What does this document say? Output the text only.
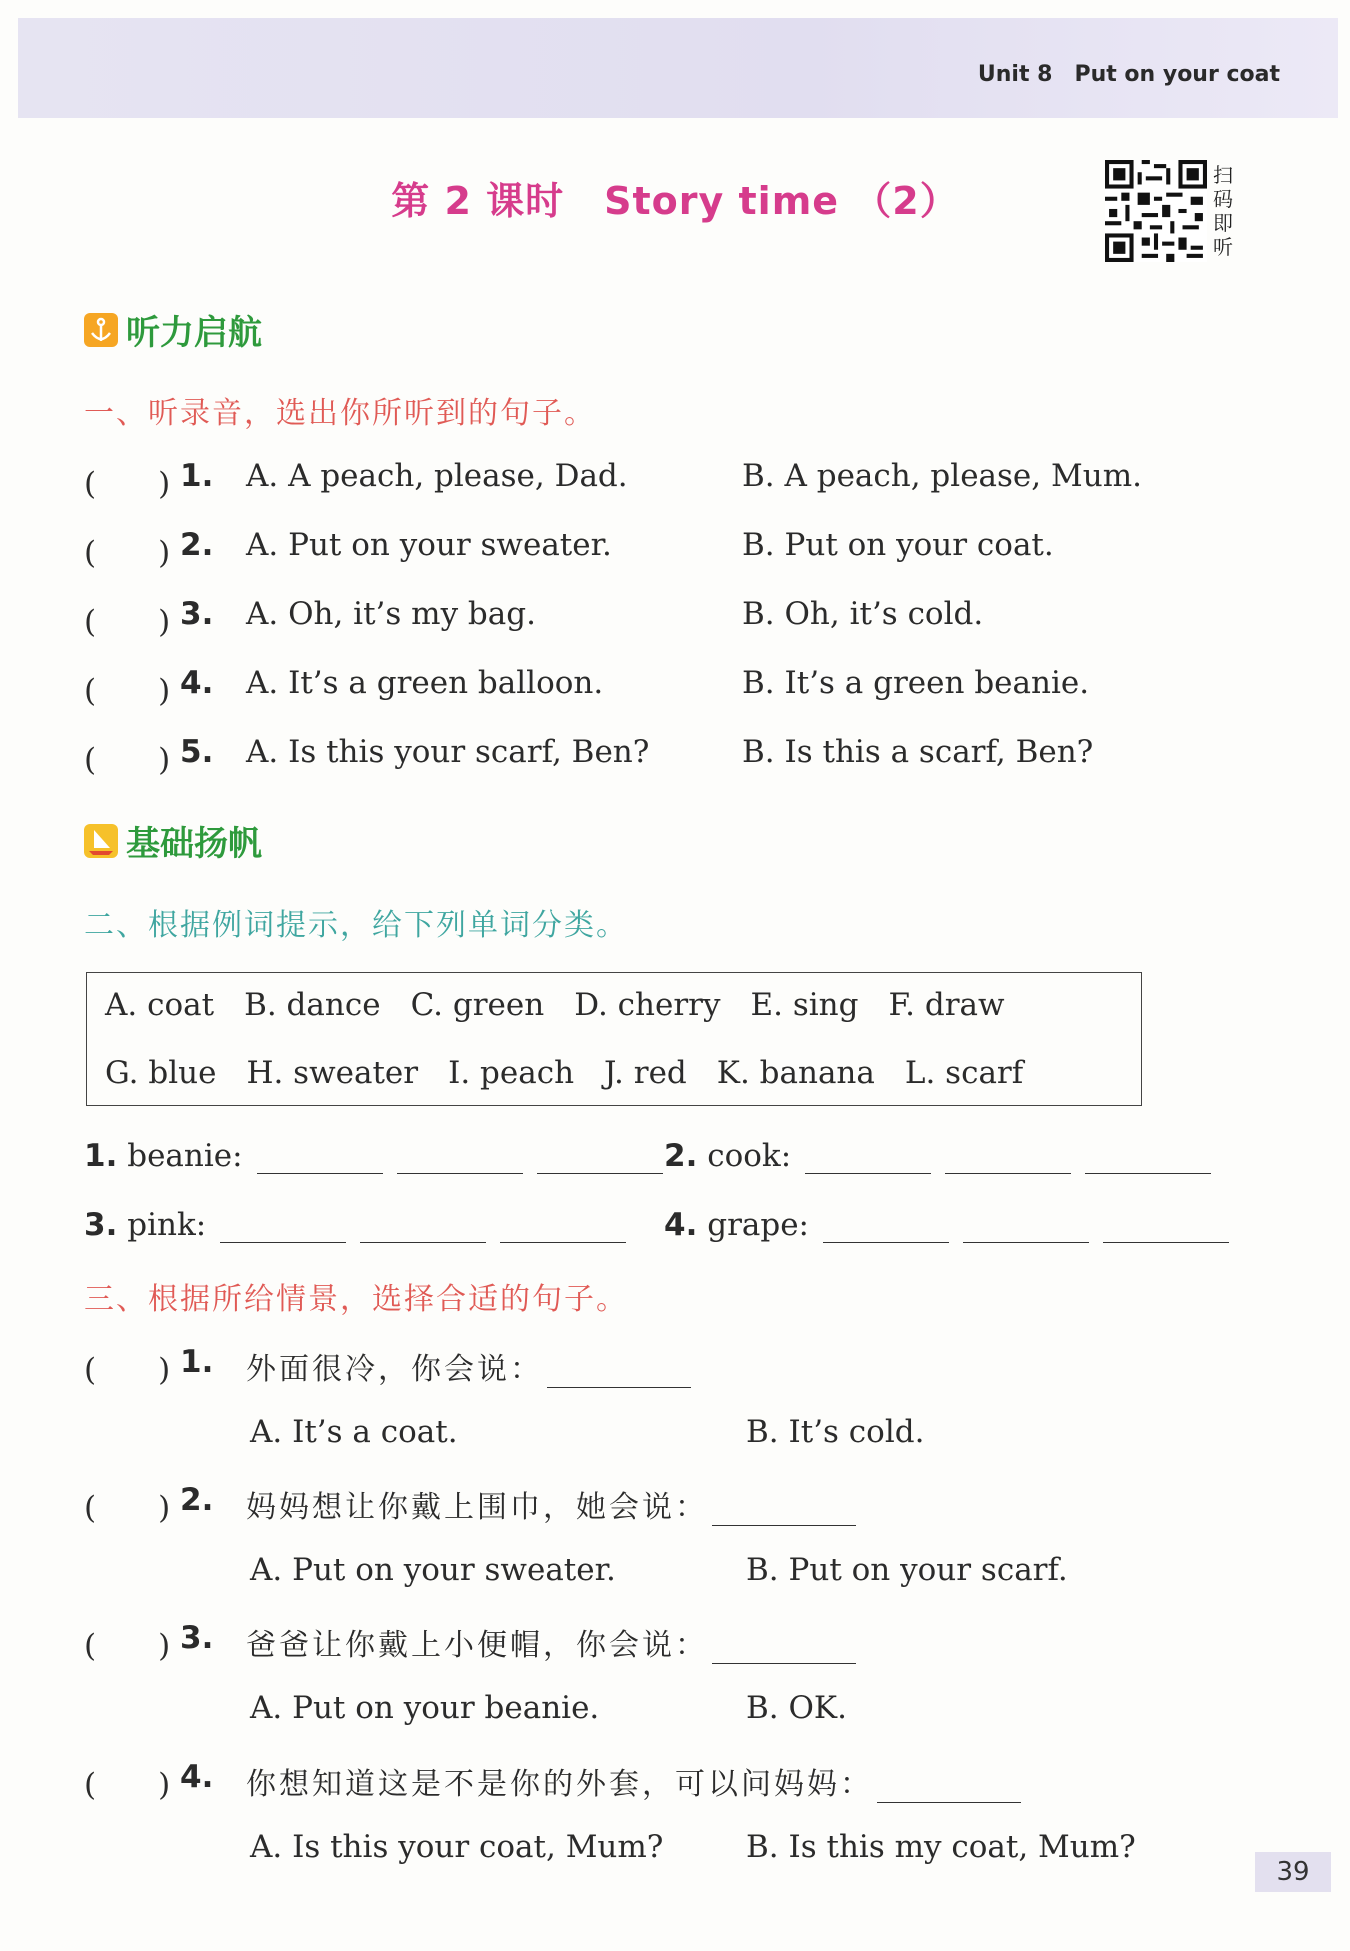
Unit 8 Put on your coat
第 2 课时 Story time （2）
扫码即听
听力启航
一、听录音，选出你所听到的句子。
(　　) 1. A. A peach, please, Dad.	B. A peach, please, Mum.
(　　) 2. A. Put on your sweater.	B. Put on your coat.
(　　) 3. A. Oh, it’s my bag.	B. Oh, it’s cold.
(　　) 4. A. It’s a green balloon.	B. It’s a green beanie.
(　　) 5. A. Is this your scarf, Ben?	B. Is this a scarf, Ben?
基础扬帆
二、根据例词提示，给下列单词分类。
A. coat B. dance C. green D. cherry E. sing F. draw
G. blue H. sweater I. peach J. red K. banana L. scarf
1. beanie:	2. cook:
3. pink:	4. grape:
三、根据所给情景，选择合适的句子。
(　　) 1. 外面很冷，你会说：
A. It’s a coat.	B. It’s cold.
(　　) 2. 妈妈想让你戴上围巾，她会说：
A. Put on your sweater.	B. Put on your scarf.
(　　) 3. 爸爸让你戴上小便帽，你会说：
A. Put on your beanie.	B. OK.
(　　) 4. 你想知道这是不是你的外套，可以问妈妈：
A. Is this your coat, Mum?	B. Is this my coat, Mum?
39
